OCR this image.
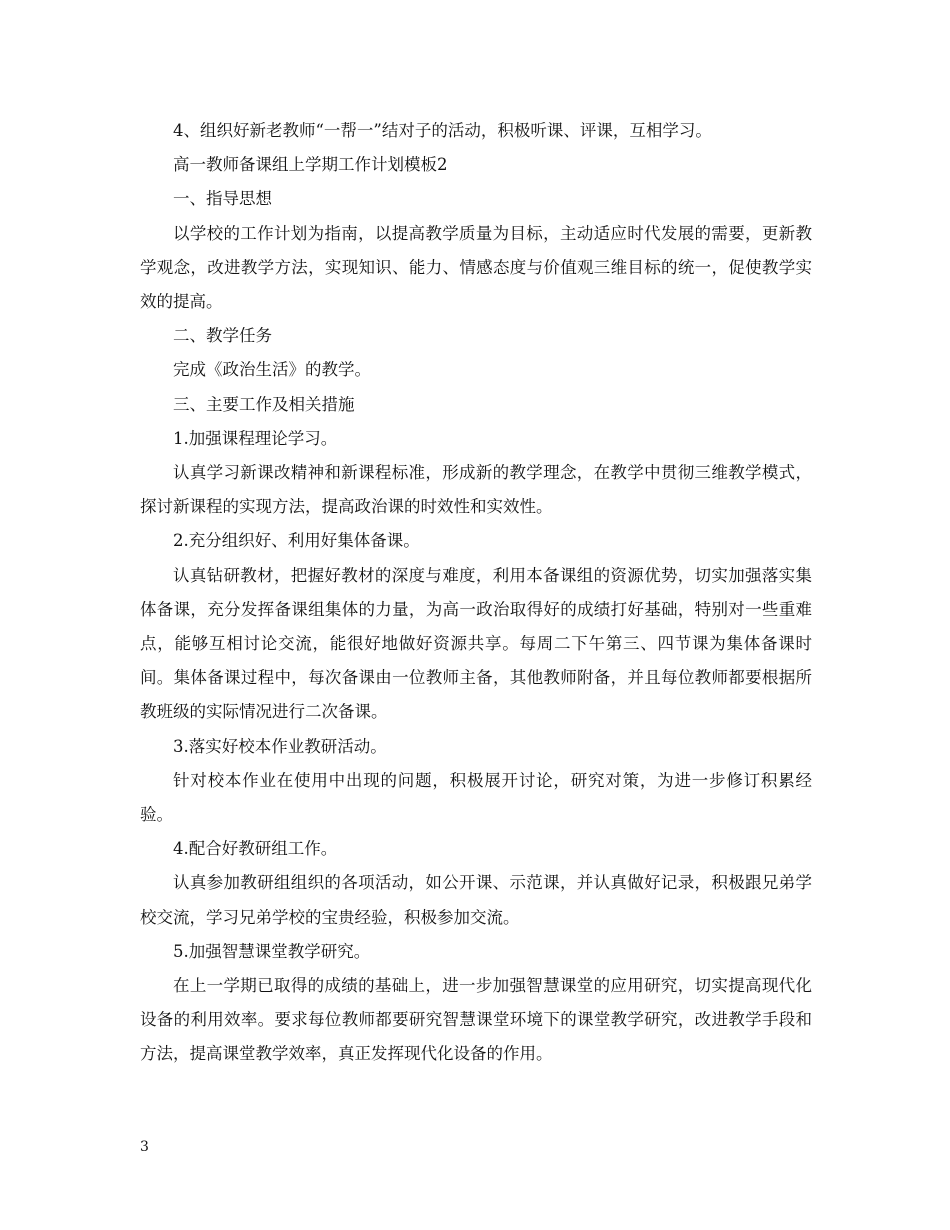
4、组织好新老教师“一帮一”结对子的活动，积极听课、评课，互相学习。

高一教师备课组上学期工作计划模板2

一、指导思想

以学校的工作计划为指南，以提高教学质量为目标，主动适应时代发展的需要，更新教学观念，改进教学方法，实现知识、能力、情感态度与价值观三维目标的统一，促使教学实效的提高。

二、教学任务

完成《政治生活》的教学。

三、主要工作及相关措施

1.加强课程理论学习。

认真学习新课改精神和新课程标准，形成新的教学理念，在教学中贯彻三维教学模式，探讨新课程的实现方法，提高政治课的时效性和实效性。

2.充分组织好、利用好集体备课。

认真钻研教材，把握好教材的深度与难度，利用本备课组的资源优势，切实加强落实集体备课，充分发挥备课组集体的力量，为高一政治取得好的成绩打好基础，特别对一些重难点，能够互相讨论交流，能很好地做好资源共享。每周二下午第三、四节课为集体备课时间。集体备课过程中，每次备课由一位教师主备，其他教师附备，并且每位教师都要根据所教班级的实际情况进行二次备课。

3.落实好校本作业教研活动。

针对校本作业在使用中出现的问题，积极展开讨论，研究对策，为进一步修订积累经验。

4.配合好教研组工作。

认真参加教研组组织的各项活动，如公开课、示范课，并认真做好记录，积极跟兄弟学校交流，学习兄弟学校的宝贵经验，积极参加交流。

5.加强智慧课堂教学研究。

在上一学期已取得的成绩的基础上，进一步加强智慧课堂的应用研究，切实提高现代化设备的利用效率。要求每位教师都要研究智慧课堂环境下的课堂教学研究，改进教学手段和方法，提高课堂教学效率，真正发挥现代化设备的作用。

3
